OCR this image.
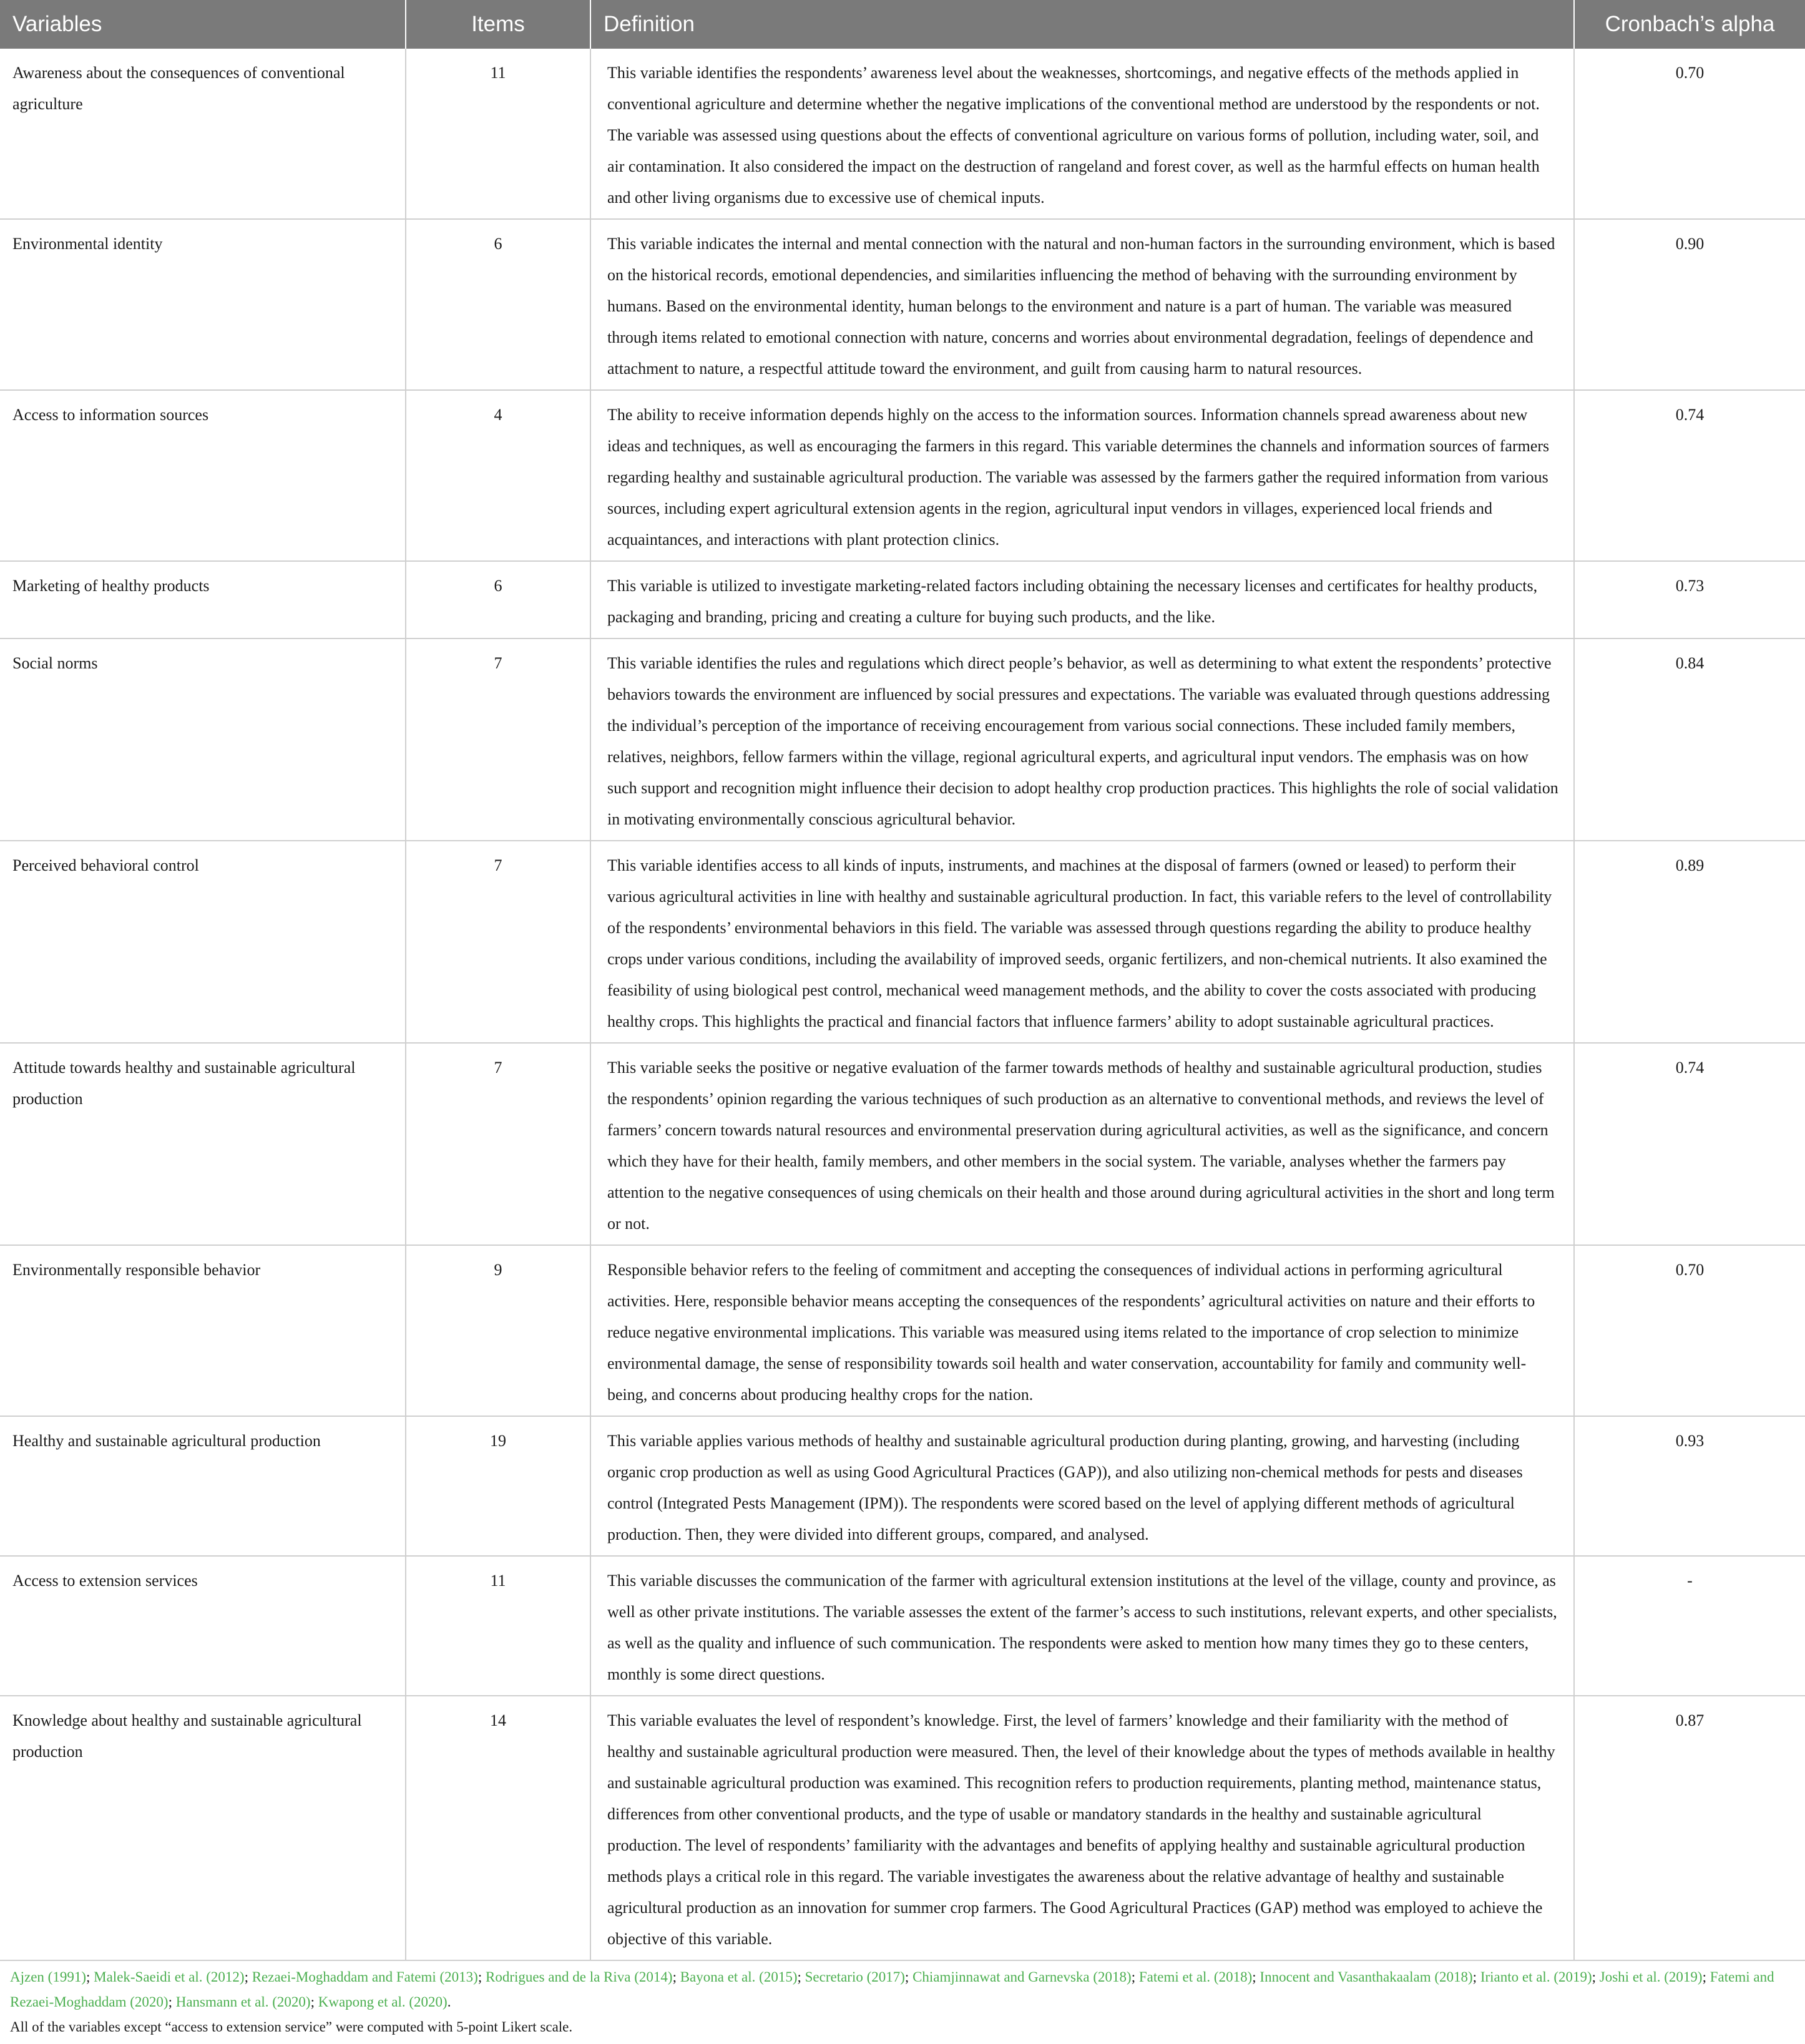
Variables	Items	Definition	Cronbach’s alpha
Awareness about the consequences of conventional agriculture	11	This variable identifies the respondents’ awareness level about the weaknesses, shortcomings, and negative effects of the methods applied in conventional agriculture and determine whether the negative implications of the conventional method are understood by the respondents or not. The variable was assessed using questions about the effects of conventional agriculture on various forms of pollution, including water, soil, and air contamination. It also considered the impact on the destruction of rangeland and forest cover, as well as the harmful effects on human health and other living organisms due to excessive use of chemical inputs.	0.70
Environmental identity	6	This variable indicates the internal and mental connection with the natural and non-human factors in the surrounding environment, which is based on the historical records, emotional dependencies, and similarities influencing the method of behaving with the surrounding environment by humans. Based on the environmental identity, human belongs to the environment and nature is a part of human. The variable was measured through items related to emotional connection with nature, concerns and worries about environmental degradation, feelings of dependence and attachment to nature, a respectful attitude toward the environment, and guilt from causing harm to natural resources.	0.90
Access to information sources	4	The ability to receive information depends highly on the access to the information sources. Information channels spread awareness about new ideas and techniques, as well as encouraging the farmers in this regard. This variable determines the channels and information sources of farmers regarding healthy and sustainable agricultural production. The variable was assessed by the farmers gather the required information from various sources, including expert agricultural extension agents in the region, agricultural input vendors in villages, experienced local friends and acquaintances, and interactions with plant protection clinics.	0.74
Marketing of healthy products	6	This variable is utilized to investigate marketing-related factors including obtaining the necessary licenses and certificates for healthy products, packaging and branding, pricing and creating a culture for buying such products, and the like.	0.73
Social norms	7	This variable identifies the rules and regulations which direct people’s behavior, as well as determining to what extent the respondents’ protective behaviors towards the environment are influenced by social pressures and expectations. The variable was evaluated through questions addressing the individual’s perception of the importance of receiving encouragement from various social connections. These included family members, relatives, neighbors, fellow farmers within the village, regional agricultural experts, and agricultural input vendors. The emphasis was on how such support and recognition might influence their decision to adopt healthy crop production practices. This highlights the role of social validation in motivating environmentally conscious agricultural behavior.	0.84
Perceived behavioral control	7	This variable identifies access to all kinds of inputs, instruments, and machines at the disposal of farmers (owned or leased) to perform their various agricultural activities in line with healthy and sustainable agricultural production. In fact, this variable refers to the level of controllability of the respondents’ environmental behaviors in this field. The variable was assessed through questions regarding the ability to produce healthy crops under various conditions, including the availability of improved seeds, organic fertilizers, and non-chemical nutrients. It also examined the feasibility of using biological pest control, mechanical weed management methods, and the ability to cover the costs associated with producing healthy crops. This highlights the practical and financial factors that influence farmers’ ability to adopt sustainable agricultural practices.	0.89
Attitude towards healthy and sustainable agricultural production	7	This variable seeks the positive or negative evaluation of the farmer towards methods of healthy and sustainable agricultural production, studies the respondents’ opinion regarding the various techniques of such production as an alternative to conventional methods, and reviews the level of farmers’ concern towards natural resources and environmental preservation during agricultural activities, as well as the significance, and concern which they have for their health, family members, and other members in the social system. The variable, analyses whether the farmers pay attention to the negative consequences of using chemicals on their health and those around during agricultural activities in the short and long term or not.	0.74
Environmentally responsible behavior	9	Responsible behavior refers to the feeling of commitment and accepting the consequences of individual actions in performing agricultural activities. Here, responsible behavior means accepting the consequences of the respondents’ agricultural activities on nature and their efforts to reduce negative environmental implications. This variable was measured using items related to the importance of crop selection to minimize environmental damage, the sense of responsibility towards soil health and water conservation, accountability for family and community well-being, and concerns about producing healthy crops for the nation.	0.70
Healthy and sustainable agricultural production	19	This variable applies various methods of healthy and sustainable agricultural production during planting, growing, and harvesting (including organic crop production as well as using Good Agricultural Practices (GAP)), and also utilizing non-chemical methods for pests and diseases control (Integrated Pests Management (IPM)). The respondents were scored based on the level of applying different methods of agricultural production. Then, they were divided into different groups, compared, and analysed.	0.93
Access to extension services	11	This variable discusses the communication of the farmer with agricultural extension institutions at the level of the village, county and province, as well as other private institutions. The variable assesses the extent of the farmer’s access to such institutions, relevant experts, and other specialists, as well as the quality and influence of such communication. The respondents were asked to mention how many times they go to these centers, monthly is some direct questions.	-
Knowledge about healthy and sustainable agricultural production	14	This variable evaluates the level of respondent’s knowledge. First, the level of farmers’ knowledge and their familiarity with the method of healthy and sustainable agricultural production were measured. Then, the level of their knowledge about the types of methods available in healthy and sustainable agricultural production was examined. This recognition refers to production requirements, planting method, maintenance status, differences from other conventional products, and the type of usable or mandatory standards in the healthy and sustainable agricultural production. The level of respondents’ familiarity with the advantages and benefits of applying healthy and sustainable agricultural production methods plays a critical role in this regard. The variable investigates the awareness about the relative advantage of healthy and sustainable agricultural production as an innovation for summer crop farmers. The Good Agricultural Practices (GAP) method was employed to achieve the objective of this variable.	0.87
Ajzen (1991); Malek-Saeidi et al. (2012); Rezaei-Moghaddam and Fatemi (2013); Rodrigues and de la Riva (2014); Bayona et al. (2015); Secretario (2017); Chiamjinnawat and Garnevska (2018); Fatemi et al. (2018); Innocent and Vasanthakaalam (2018); Irianto et al. (2019); Joshi et al. (2019); Fatemi and Rezaei-Moghaddam (2020); Hansmann et al. (2020); Kwapong et al. (2020).
All of the variables except “access to extension service” were computed with 5-point Likert scale.
